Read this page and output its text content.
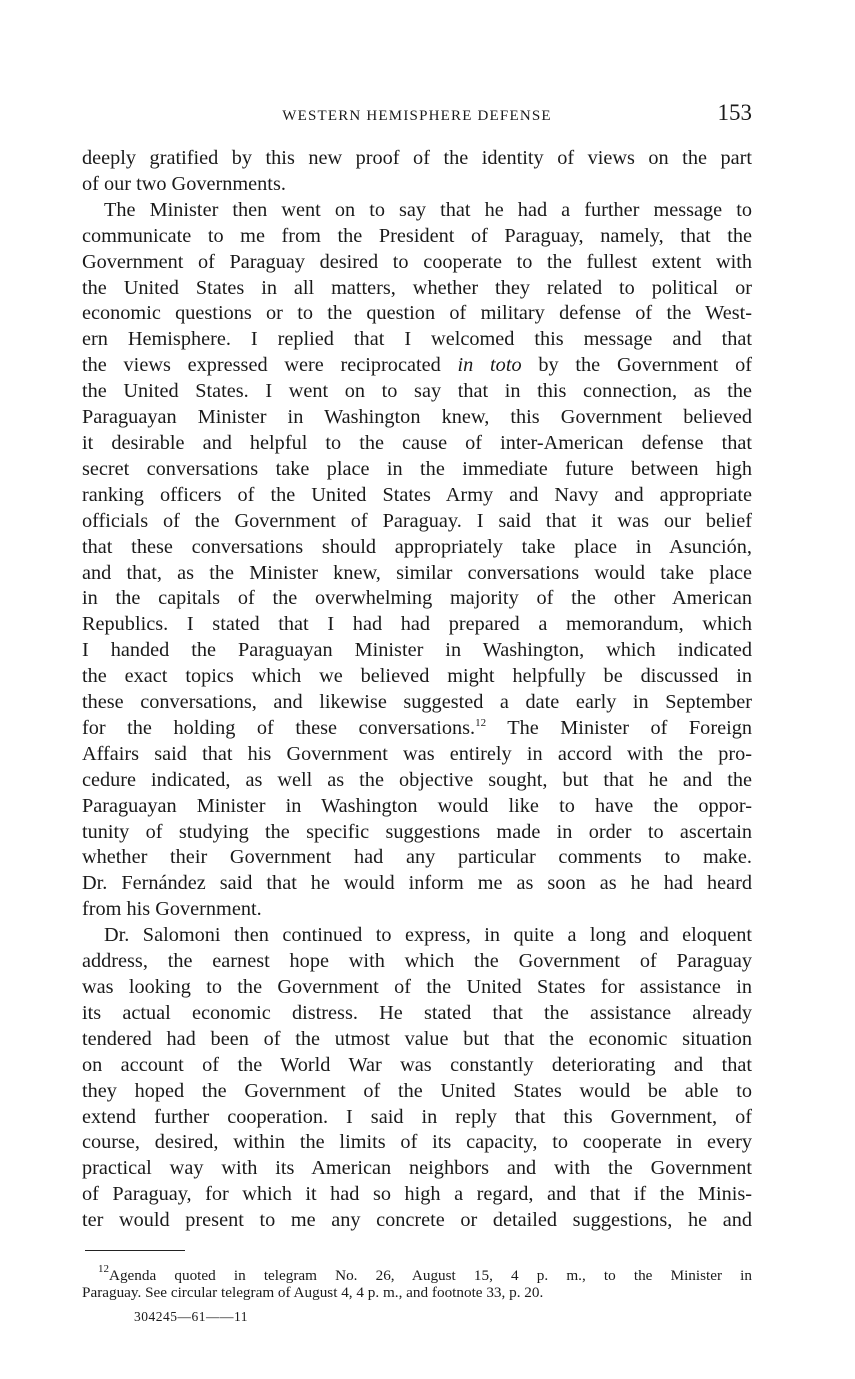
WESTERN HEMISPHERE DEFENSE	153

deeply gratified by this new proof of the identity of views on the part
of our two Governments.

The Minister then went on to say that he had a further message to
communicate to me from the President of Paraguay, namely, that the
Government of Paraguay desired to cooperate to the fullest extent with
the United States in all matters, whether they related to political or
economic questions or to the question of military defense of the West-
ern Hemisphere. I replied that I welcomed this message and that
the views expressed were reciprocated in toto by the Government of
the United States. I went on to say that in this connection, as the
Paraguayan Minister in Washington knew, this Government believed
it desirable and helpful to the cause of inter-American defense that
secret conversations take place in the immediate future between high
ranking officers of the United States Army and Navy and appropriate
officials of the Government of Paraguay. I said that it was our belief
that these conversations should appropriately take place in Asunción,
and that, as the Minister knew, similar conversations would take place
in the capitals of the overwhelming majority of the other American
Republics. I stated that I had had prepared a memorandum, which
I handed the Paraguayan Minister in Washington, which indicated
the exact topics which we believed might helpfully be discussed in
these conversations, and likewise suggested a date early in September
for the holding of these conversations.$^{12}$ The Minister of Foreign
Affairs said that his Government was entirely in accord with the pro-
cedure indicated, as well as the objective sought, but that he and the
Paraguayan Minister in Washington would like to have the oppor-
tunity of studying the specific suggestions made in order to ascertain
whether their Government had any particular comments to make.
Dr. Fernández said that he would inform me as soon as he had heard
from his Government.

Dr. Salomoni then continued to express, in quite a long and eloquent
address, the earnest hope with which the Government of Paraguay
was looking to the Government of the United States for assistance in
its actual economic distress. He stated that the assistance already
tendered had been of the utmost value but that the economic situation
on account of the World War was constantly deteriorating and that
they hoped the Government of the United States would be able to
extend further cooperation. I said in reply that this Government, of
course, desired, within the limits of its capacity, to cooperate in every
practical way with its American neighbors and with the Government
of Paraguay, for which it had so high a regard, and that if the Minis-
ter would present to me any concrete or detailed suggestions, he and

$^{12}$Agenda quoted in telegram No. 26, August 15, 4 p. m., to the Minister in
Paraguay. See circular telegram of August 4, 4 p. m., and footnote 33, p. 20.
304245—61——11
